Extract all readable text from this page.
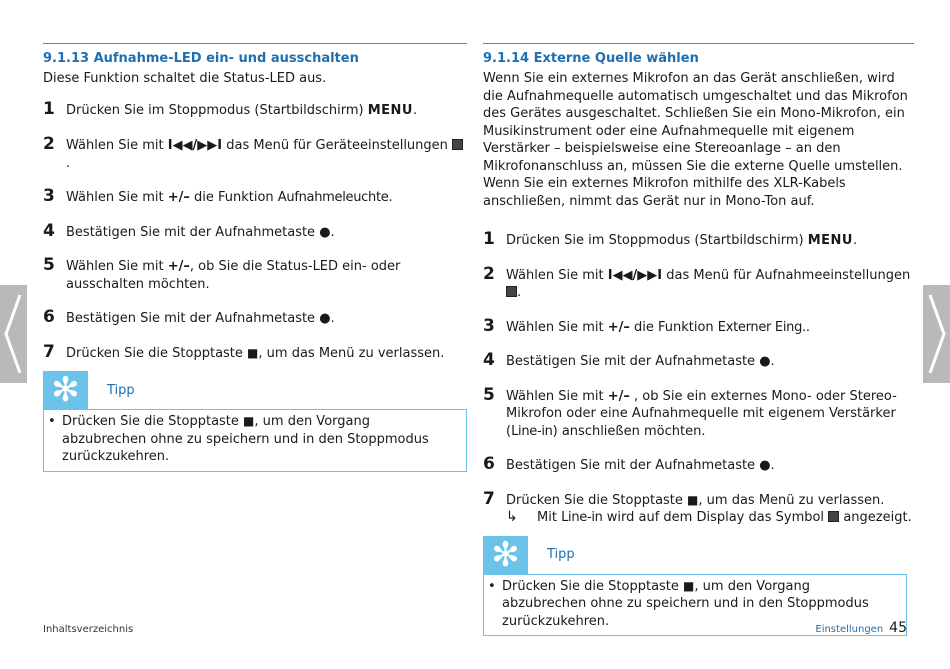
9.1.13 Aufnahme-LED ein- und ausschalten
Diese Funktion schaltet die Status-LED aus.
1 Drücken Sie im Stoppmodus (Startbildschirm) MENU.
2 Wählen Sie mit I◀◀/▶▶I das Menü für Geräteeinstellungen .
3 Wählen Sie mit +/– die Funktion Aufnahmeleuchte.
4 Bestätigen Sie mit der Aufnahmetaste ●.
5 Wählen Sie mit +/–, ob Sie die Status-LED ein- oder ausschalten möchten.
6 Bestätigen Sie mit der Aufnahmetaste ●.
7 Drücken Sie die Stopptaste ■, um das Menü zu verlassen.
✻	Tipp
• Drücken Sie die Stopptaste ■, um den Vorgang abzubrechen ohne zu speichern und in den Stoppmodus zurückzukehren.
9.1.14 Externe Quelle wählen
Wenn Sie ein externes Mikrofon an das Gerät anschließen, wird die Aufnahmequelle automatisch umgeschaltet und das Mikrofon des Gerätes ausgeschaltet. Schließen Sie ein Mono-Mikrofon, ein Musikinstrument oder eine Aufnahmequelle mit eigenem Verstärker – beispielsweise eine Stereoanlage – an den Mikrofonanschluss an, müssen Sie die externe Quelle umstellen. Wenn Sie ein externes Mikrofon mithilfe des XLR-Kabels anschließen, nimmt das Gerät nur in Mono-Ton auf.
1 Drücken Sie im Stoppmodus (Startbildschirm) MENU.
2 Wählen Sie mit I◀◀/▶▶I das Menü für Aufnahmeeinstellungen .
3 Wählen Sie mit +/– die Funktion Externer Eing..
4 Bestätigen Sie mit der Aufnahmetaste ●.
5 Wählen Sie mit +/– , ob Sie ein externes Mono- oder Stereo-Mikrofon oder eine Aufnahmequelle mit eigenem Verstärker (Line-in) anschließen möchten.
6 Bestätigen Sie mit der Aufnahmetaste ●.
7 Drücken Sie die Stopptaste ■, um das Menü zu verlassen.
↳ Mit Line-in wird auf dem Display das Symbol  angezeigt.
✻	Tipp
• Drücken Sie die Stopptaste ■, um den Vorgang abzubrechen ohne zu speichern und in den Stoppmodus zurückzukehren.
Inhaltsverzeichnis	Einstellungen 45
